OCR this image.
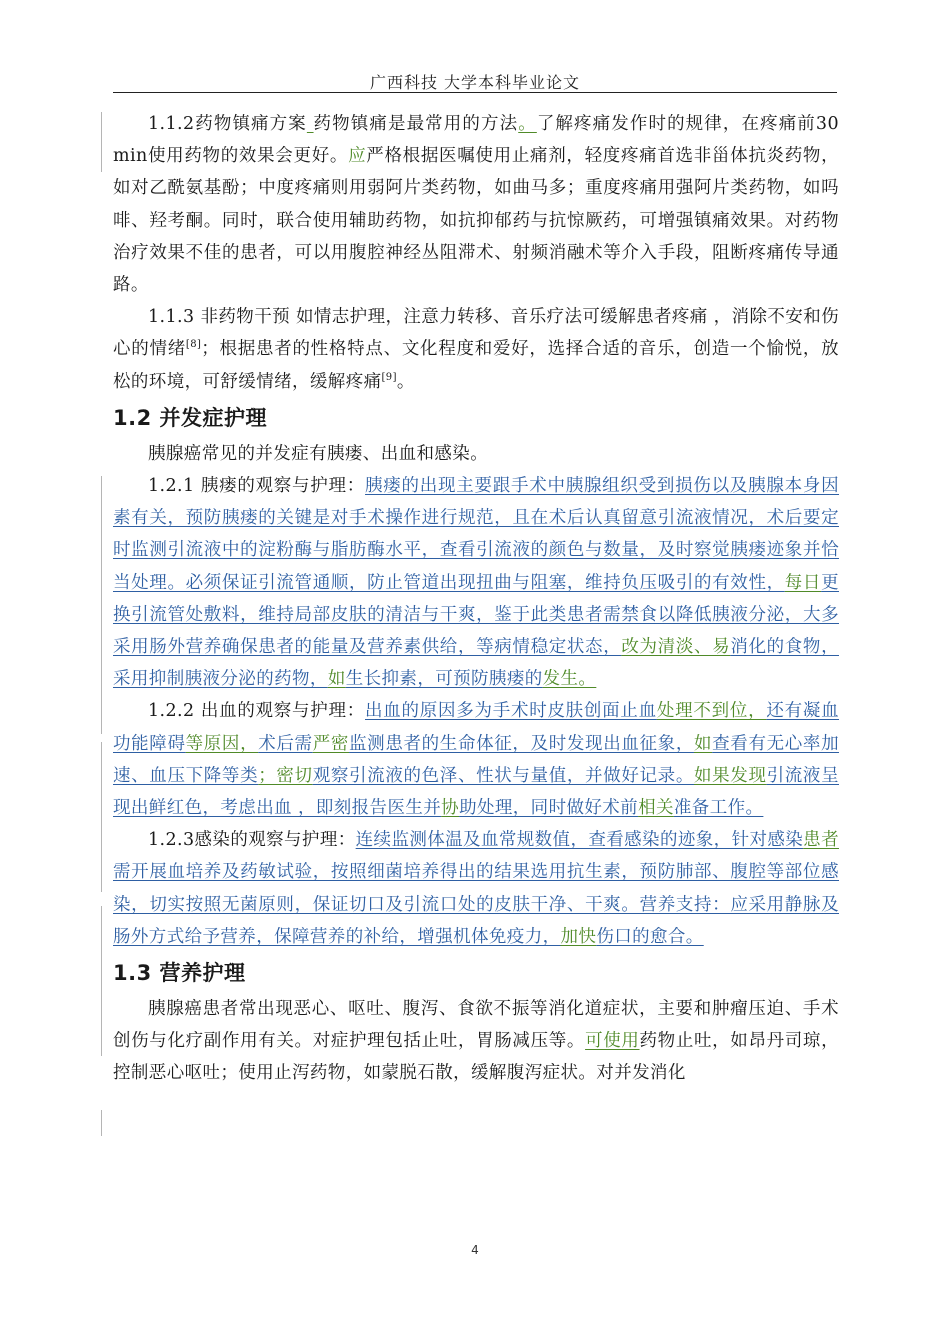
广西科技 大学本科毕业论文

1.1.2药物镇痛方案 药物镇痛是最常用的方法。了解疼痛发作时的规律，在疼痛前30 min使用药物的效果会更好。应严格根据医嘱使用止痛剂，轻度疼痛首选非甾体抗炎药物，如对乙酰氨基酚；中度疼痛则用弱阿片类药物，如曲马多；重度疼痛用强阿片类药物，如吗啡、羟考酮。同时，联合使用辅助药物，如抗抑郁药与抗惊厥药，可增强镇痛效果。对药物治疗效果不佳的患者，可以用腹腔神经丛阻滞术、射频消融术等介入手段，阻断疼痛传导通路。

1.1.3 非药物干预 如情志护理，注意力转移、音乐疗法可缓解患者疼痛 ，消除不安和伤心的情绪[8]；根据患者的性格特点、文化程度和爱好，选择合适的音乐，创造一个愉悦，放松的环境，可舒缓情绪，缓解疼痛[9]。

1.2 并发症护理

胰腺癌常见的并发症有胰瘘、出血和感染。

1.2.1 胰瘘的观察与护理：胰瘘的出现主要跟手术中胰腺组织受到损伤以及胰腺本身因素有关，预防胰瘘的关键是对手术操作进行规范，且在术后认真留意引流液情况，术后要定时监测引流液中的淀粉酶与脂肪酶水平，查看引流液的颜色与数量，及时察觉胰瘘迹象并恰当处理。必须保证引流管通顺，防止管道出现扭曲与阻塞，维持负压吸引的有效性，每日更换引流管处敷料，维持局部皮肤的清洁与干爽，鉴于此类患者需禁食以降低胰液分泌，大多采用肠外营养确保患者的能量及营养素供给，等病情稳定状态，改为清淡、易消化的食物，采用抑制胰液分泌的药物，如生长抑素，可预防胰瘘的发生。

1.2.2 出血的观察与护理：出血的原因多为手术时皮肤创面止血处理不到位，还有凝血功能障碍等原因，术后需严密监测患者的生命体征，及时发现出血征象，如查看有无心率加速、血压下降等类；密切观察引流液的色泽、性状与量值，并做好记录。如果发现引流液呈现出鲜红色，考虑出血 ，即刻报告医生并协助处理，同时做好术前相关准备工作。

1.2.3感染的观察与护理：连续监测体温及血常规数值，查看感染的迹象，针对感染患者需开展血培养及药敏试验，按照细菌培养得出的结果选用抗生素，预防肺部、腹腔等部位感染，切实按照无菌原则，保证切口及引流口处的皮肤干净、干爽。营养支持：应采用静脉及肠外方式给予营养，保障营养的补给，增强机体免疫力，加快伤口的愈合。

1.3 营养护理

胰腺癌患者常出现恶心、呕吐、腹泻、食欲不振等消化道症状，主要和肿瘤压迫、手术创伤与化疗副作用有关。对症护理包括止吐，胃肠减压等。可使用药物止吐，如昂丹司琼，控制恶心呕吐；使用止泻药物，如蒙脱石散，缓解腹泻症状。对并发消化

4
